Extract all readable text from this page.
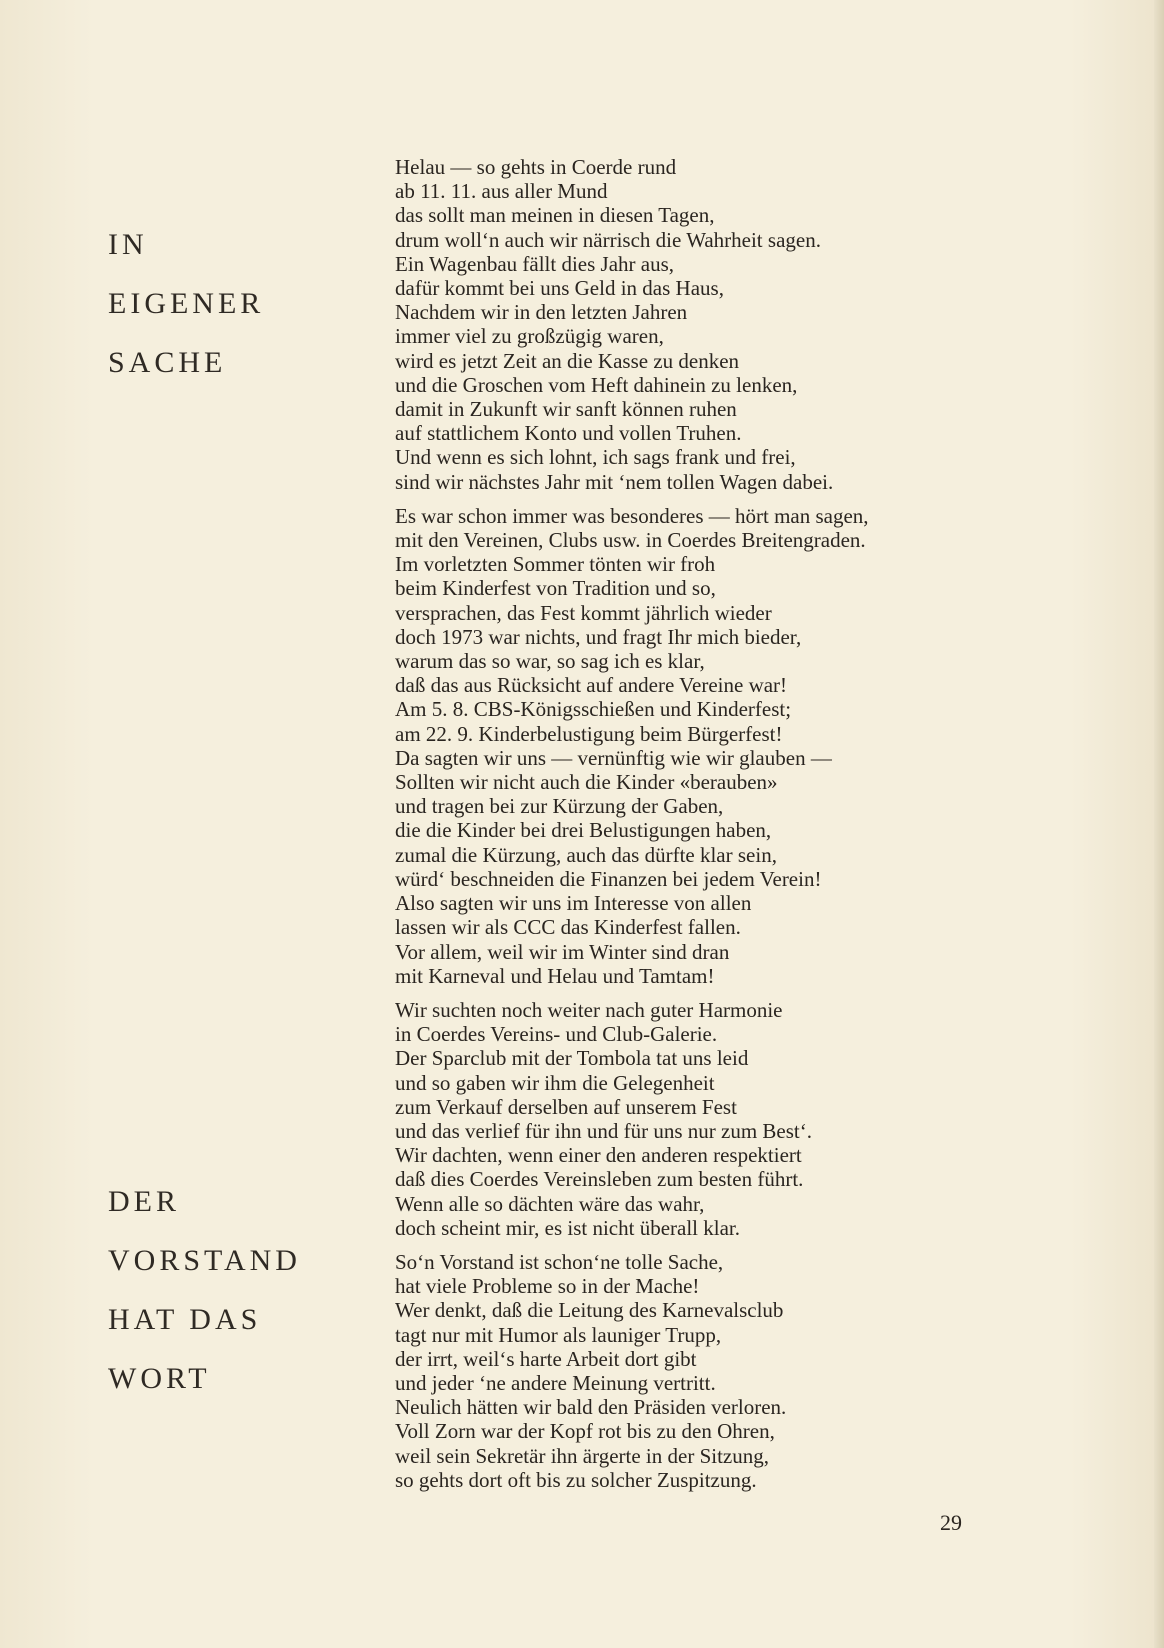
IN
EIGENER
SACHE
DER
VORSTAND
HAT DAS
WORT
Helau — so gehts in Coerde rund
ab 11. 11. aus aller Mund
das sollt man meinen in diesen Tagen,
drum woll‘n auch wir närrisch die Wahrheit sagen.
Ein Wagenbau fällt dies Jahr aus,
dafür kommt bei uns Geld in das Haus,
Nachdem wir in den letzten Jahren
immer viel zu großzügig waren,
wird es jetzt Zeit an die Kasse zu denken
und die Groschen vom Heft dahinein zu lenken,
damit in Zukunft wir sanft können ruhen
auf stattlichem Konto und vollen Truhen.
Und wenn es sich lohnt, ich sags frank und frei,
sind wir nächstes Jahr mit ‘nem tollen Wagen dabei.
Es war schon immer was besonderes — hört man sagen,
mit den Vereinen, Clubs usw. in Coerdes Breitengraden.
Im vorletzten Sommer tönten wir froh
beim Kinderfest von Tradition und so,
versprachen, das Fest kommt jährlich wieder
doch 1973 war nichts, und fragt Ihr mich bieder,
warum das so war, so sag ich es klar,
daß das aus Rücksicht auf andere Vereine war!
Am 5. 8. CBS-Königsschießen und Kinderfest;
am 22. 9. Kinderbelustigung beim Bürgerfest!
Da sagten wir uns — vernünftig wie wir glauben —
Sollten wir nicht auch die Kinder «berauben»
und tragen bei zur Kürzung der Gaben,
die die Kinder bei drei Belustigungen haben,
zumal die Kürzung, auch das dürfte klar sein,
würd‘ beschneiden die Finanzen bei jedem Verein!
Also sagten wir uns im Interesse von allen
lassen wir als CCC das Kinderfest fallen.
Vor allem, weil wir im Winter sind dran
mit Karneval und Helau und Tamtam!
Wir suchten noch weiter nach guter Harmonie
in Coerdes Vereins- und Club-Galerie.
Der Sparclub mit der Tombola tat uns leid
und so gaben wir ihm die Gelegenheit
zum Verkauf derselben auf unserem Fest
und das verlief für ihn und für uns nur zum Best‘.
Wir dachten, wenn einer den anderen respektiert
daß dies Coerdes Vereinsleben zum besten führt.
Wenn alle so dächten wäre das wahr,
doch scheint mir, es ist nicht überall klar.
So‘n Vorstand ist schon‘ne tolle Sache,
hat viele Probleme so in der Mache!
Wer denkt, daß die Leitung des Karnevalsclub
tagt nur mit Humor als launiger Trupp,
der irrt, weil‘s harte Arbeit dort gibt
und jeder ‘ne andere Meinung vertritt.
Neulich hätten wir bald den Präsiden verloren.
Voll Zorn war der Kopf rot bis zu den Ohren,
weil sein Sekretär ihn ärgerte in der Sitzung,
so gehts dort oft bis zu solcher Zuspitzung.
29
